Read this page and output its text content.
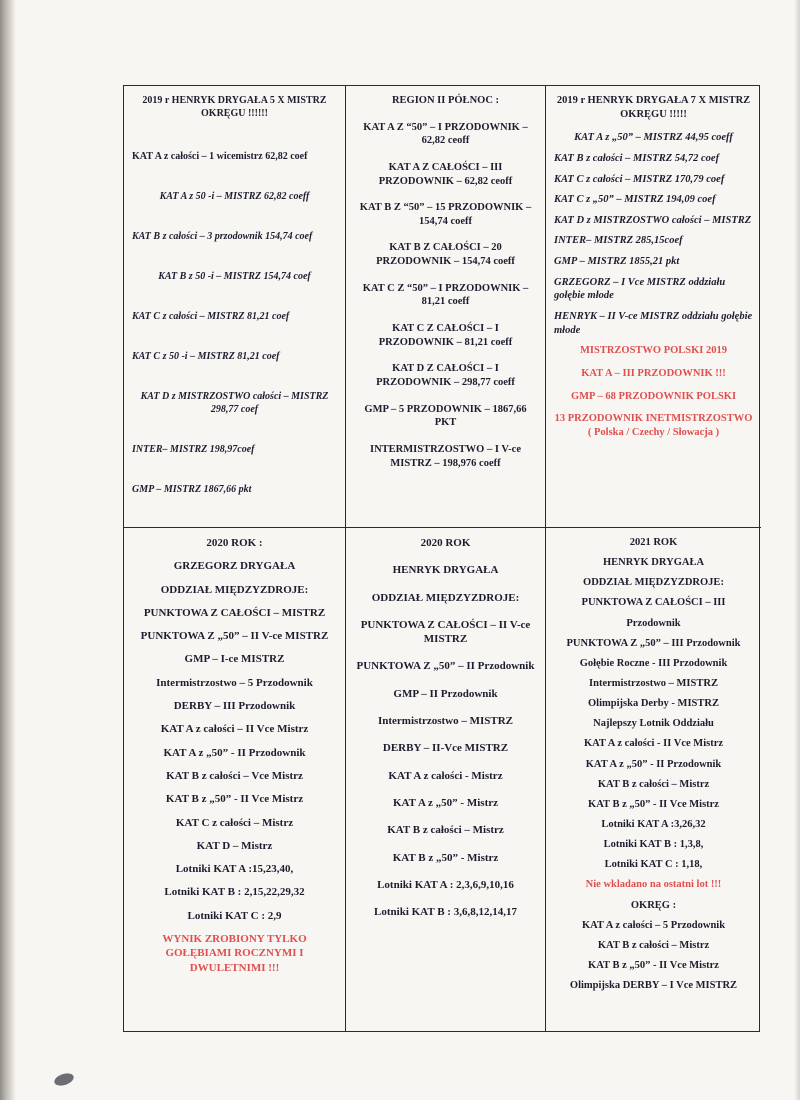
2019 r HENRYK DRYGAŁA 5 X MISTRZ OKRĘGU !!!!!!

KAT A z całości – 1 wicemistrz 62,82 coef

KAT A z 50 -i – MISTRZ 62,82 coeff

KAT B z całości – 3 przodownik 154,74 coef

KAT B z 50 -i – MISTRZ 154,74 coef

KAT C z całości – MISTRZ 81,21 coef

KAT C z 50 -i – MISTRZ 81,21 coef

KAT D z MISTRZOSTWO całości – MISTRZ 298,77 coef

INTER– MISTRZ 198,97coef

GMP – MISTRZ 1867,66 pkt

REGION II PÓŁNOC :

KAT A Z “50” – I PRZODOWNIK – 62,82 ceoff

KAT A Z CAŁOŚCI – III PRZODOWNIK – 62,82 ceoff

KAT B Z “50” – 15 PRZODOWNIK – 154,74 coeff

KAT B Z CAŁOŚCI – 20 PRZODOWNIK – 154,74 coeff

KAT C Z “50” – I PRZODOWNIK – 81,21 coeff

KAT C Z CAŁOŚCI – I PRZODOWNIK – 81,21 coeff

KAT D Z CAŁOŚCI – I PRZODOWNIK – 298,77 coeff

GMP – 5 PRZODOWNIK – 1867,66 PKT

INTERMISTRZOSTWO – I V-ce MISTRZ – 198,976 coeff

2019 r HENRYK DRYGAŁA 7 X MISTRZ OKRĘGU !!!!!

KAT A z „50” – MISTRZ 44,95 coeff

KAT B z całości – MISTRZ 54,72 coef

KAT C z całości – MISTRZ 170,79 coef

KAT C z „50” – MISTRZ 194,09 coef

KAT D z MISTRZOSTWO całości – MISTRZ

INTER– MISTRZ 285,15coef

GMP – MISTRZ 1855,21 pkt

GRZEGORZ – I Vce MISTRZ oddziału gołębie młode

HENRYK – II V-ce MISTRZ oddziału gołębie młode

MISTRZOSTWO POLSKI 2019

KAT A – III PRZODOWNIK !!!

GMP – 68 PRZODOWNIK POLSKI

13 PRZODOWNIK INETMISTRZOSTWO ( Polska / Czechy / Słowacja )

2020 ROK :

GRZEGORZ DRYGAŁA

ODDZIAŁ MIĘDZYZDROJE:

PUNKTOWA Z CAŁOŚCI – MISTRZ

PUNKTOWA Z „50” – II V-ce MISTRZ

GMP – I-ce MISTRZ

Intermistrzostwo – 5 Przodownik

DERBY – III Przodownik

KAT A z całości – II Vce Mistrz

KAT A z „50” - II Przodownik

KAT B z całości – Vce Mistrz

KAT B z „50” - II Vce Mistrz

KAT C z całości – Mistrz

KAT D – Mistrz

Lotniki KAT A :15,23,40,

Lotniki KAT B : 2,15,22,29,32

Lotniki KAT C : 2,9

WYNIK ZROBIONY TYLKO GOŁĘBIAMI ROCZNYMI I DWULETNIMI !!!

2020 ROK

HENRYK DRYGAŁA

ODDZIAŁ MIĘDZYZDROJE:

PUNKTOWA Z CAŁOŚCI – II V-ce MISTRZ

PUNKTOWA Z „50” – II Przodownik

GMP – II Przodownik

Intermistrzostwo – MISTRZ

DERBY – II-Vce MISTRZ

KAT A z całości - Mistrz

KAT A z „50” - Mistrz

KAT B z całości – Mistrz

KAT B z „50” - Mistrz

Lotniki KAT A : 2,3,6,9,10,16

Lotniki KAT B : 3,6,8,12,14,17

2021 ROK

HENRYK DRYGAŁA

ODDZIAŁ MIĘDZYZDROJE:

PUNKTOWA Z CAŁOŚCI – III

Przodownik

PUNKTOWA Z „50” – III Przodownik

Gołębie Roczne - III Przodownik

Intermistrzostwo – MISTRZ

Olimpijska Derby - MISTRZ

Najlepszy Lotnik Oddziału

KAT A z całości - II Vce Mistrz

KAT A z „50” - II Przodownik

KAT B z całości – Mistrz

KAT B z „50” - II Vce Mistrz

Lotniki KAT A :3,26,32

Lotniki KAT B : 1,3,8,

Lotniki KAT C : 1,18,

Nie wkladano na ostatni lot !!!

OKRĘG :

KAT A z całości – 5 Przodownik

KAT B z całości – Mistrz

KAT B z „50” - II Vce Mistrz

Olimpijska DERBY – I Vce MISTRZ
